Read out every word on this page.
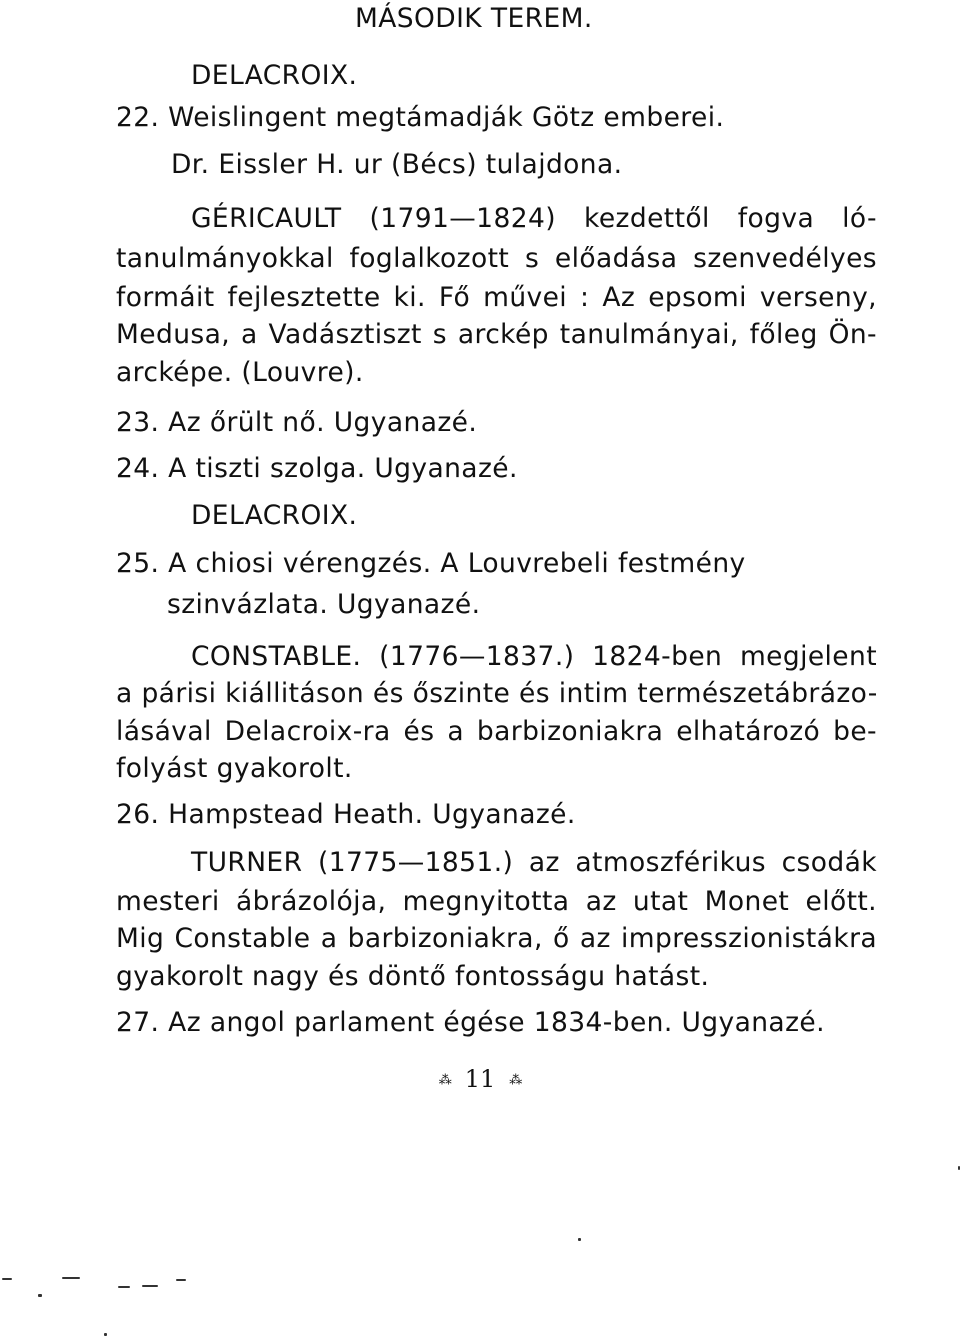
MÁSODIK TEREM.
DELACROIX.
22. Weislingent megtámadják Götz emberei.
Dr. Eissler H. ur (Bécs) tulajdona.
GÉRICAULT (1791—1824) kezdettől fogva ló-
tanulmányokkal foglalkozott s előadása szenvedélyes
formáit fejlesztette ki. Fő művei : Az epsomi verseny,
Medusa, a Vadásztiszt s arckép tanulmányai, főleg Ön-
arcképe. (Louvre).
23. Az őrült nő. Ugyanazé.
24. A tiszti szolga. Ugyanazé.
DELACROIX.
25. A chiosi vérengzés. A Louvrebeli festmény
szinvázlata. Ugyanazé.
CONSTABLE. (1776—1837.) 1824-ben megjelent
a párisi kiállitáson és őszinte és intim természetábrázo-
lásával Delacroix-ra és a barbizoniakra elhatározó be-
folyást gyakorolt.
26. Hampstead Heath. Ugyanazé.
TURNER (1775—1851.) az atmoszférikus csodák
mesteri ábrázolója, megnyitotta az utat Monet előtt.
Mig Constable a barbizoniakra, ő az impresszionistákra
gyakorolt nagy és döntő fontosságu hatást.
27. Az angol parlament égése 1834-ben. Ugyanazé.
⁂ 11 ⁂
